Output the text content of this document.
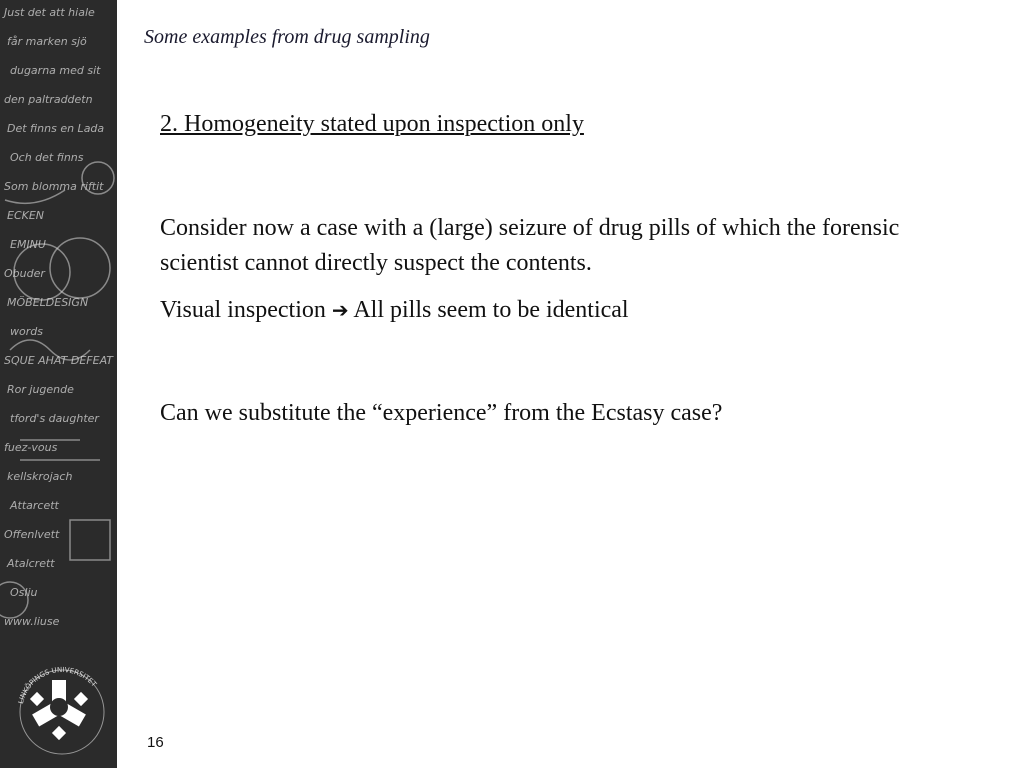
Just det att hiale
får marken sjö
dugarna med sit
den paltraddetn
Det finns en Lada
Och det finns
Som blomma riftit
ECKEN
EMINU
Obuder
MÖBELDESIGN
words
SQUE AHAT DEFEAT
Ror jugende
tford's daughter
fuez-vous
kellskrojach
Attarcett
Offenlvett
Atalcrett
Osliu
www.liuse
LINKÖPINGS UNIVERSITET
Some examples from drug sampling
2. Homogeneity stated upon inspection only
Consider now a case with a (large) seizure of drug pills of which the forensic scientist cannot directly suspect the contents.
Visual inspection ➔ All pills seem to be identical
Can we substitute the “experience” from the Ecstasy case?
16
